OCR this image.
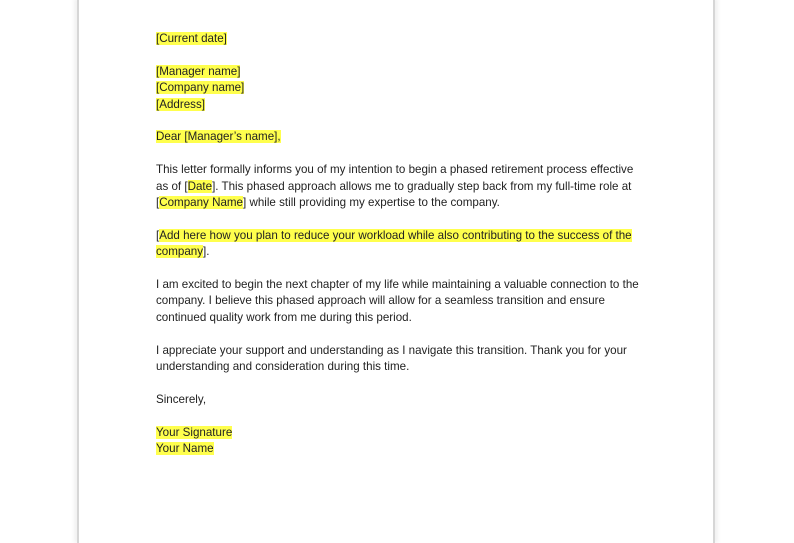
[Current date]

[Manager name]
[Company name]
[Address]

Dear [Manager’s name],

This letter formally informs you of my intention to begin a phased retirement process effective as of [Date]. This phased approach allows me to gradually step back from my full-time role at [Company Name] while still providing my expertise to the company.

[Add here how you plan to reduce your workload while also contributing to the success of the company].

I am excited to begin the next chapter of my life while maintaining a valuable connection to the company. I believe this phased approach will allow for a seamless transition and ensure continued quality work from me during this period.

I appreciate your support and understanding as I navigate this transition. Thank you for your understanding and consideration during this time.

Sincerely,

Your Signature
Your Name
